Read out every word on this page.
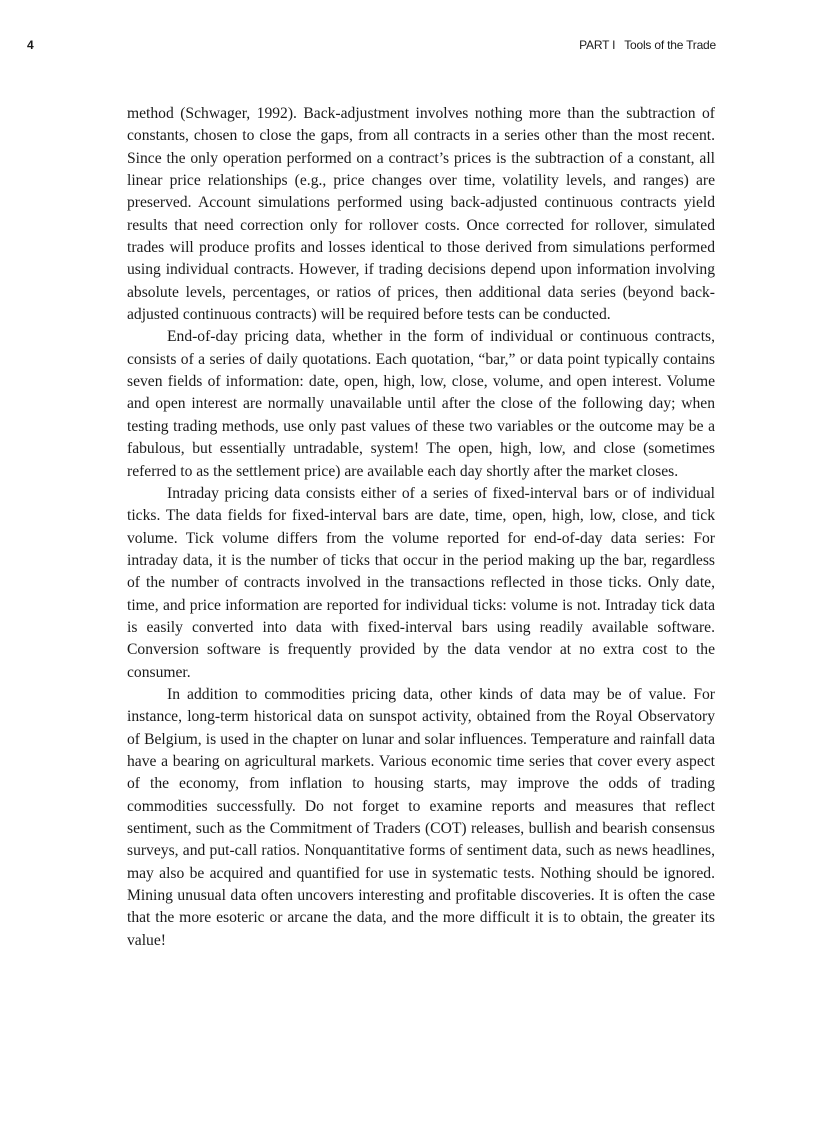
4	PART I Tools of the Trade

method (Schwager, 1992). Back-adjustment involves nothing more than the subtraction of constants, chosen to close the gaps, from all contracts in a series other than the most recent. Since the only operation performed on a contract’s prices is the subtraction of a constant, all linear price relationships (e.g., price changes over time, volatility levels, and ranges) are preserved. Account simulations performed using back-adjusted continuous contracts yield results that need correction only for rollover costs. Once corrected for rollover, simulated trades will produce profits and losses identical to those derived from simulations performed using individual contracts. However, if trading decisions depend upon information involving absolute levels, percentages, or ratios of prices, then additional data series (beyond back-adjusted continuous contracts) will be required before tests can be conducted.

End-of-day pricing data, whether in the form of individual or continuous contracts, consists of a series of daily quotations. Each quotation, “bar,” or data point typically contains seven fields of information: date, open, high, low, close, volume, and open interest. Volume and open interest are normally unavailable until after the close of the following day; when testing trading methods, use only past values of these two variables or the outcome may be a fabulous, but essentially untradable, system! The open, high, low, and close (sometimes referred to as the settlement price) are available each day shortly after the market closes.

Intraday pricing data consists either of a series of fixed-interval bars or of individual ticks. The data fields for fixed-interval bars are date, time, open, high, low, close, and tick volume. Tick volume differs from the volume reported for end-of-day data series: For intraday data, it is the number of ticks that occur in the period making up the bar, regardless of the number of contracts involved in the transactions reflected in those ticks. Only date, time, and price information are reported for individual ticks: volume is not. Intraday tick data is easily converted into data with fixed-interval bars using readily available software. Conversion software is frequently provided by the data vendor at no extra cost to the consumer.

In addition to commodities pricing data, other kinds of data may be of value. For instance, long-term historical data on sunspot activity, obtained from the Royal Observatory of Belgium, is used in the chapter on lunar and solar influences. Temperature and rainfall data have a bearing on agricultural markets. Various economic time series that cover every aspect of the economy, from inflation to housing starts, may improve the odds of trading commodities successfully. Do not forget to examine reports and measures that reflect sentiment, such as the Commitment of Traders (COT) releases, bullish and bearish consensus surveys, and put-call ratios. Nonquantitative forms of sentiment data, such as news headlines, may also be acquired and quantified for use in systematic tests. Nothing should be ignored. Mining unusual data often uncovers interesting and profitable discoveries. It is often the case that the more esoteric or arcane the data, and the more difficult it is to obtain, the greater its value!
